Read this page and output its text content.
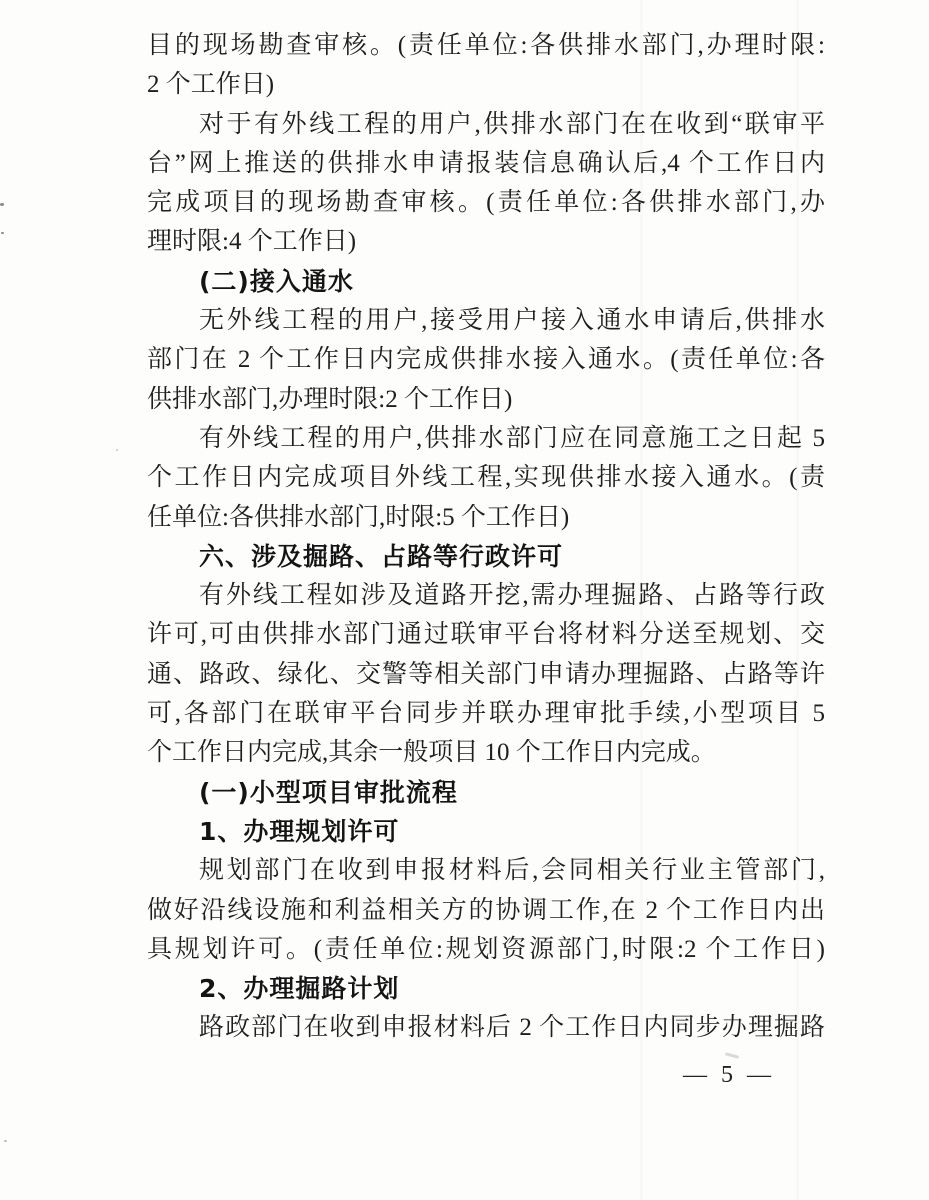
目的现场勘查审核。(责任单位:各供排水部门,办理时限:
2 个工作日)
对于有外线工程的用户,供排水部门在在收到“联审平
台”网上推送的供排水申请报装信息确认后,4 个工作日内
完成项目的现场勘查审核。(责任单位:各供排水部门,办
理时限:4 个工作日)
(二)接入通水
无外线工程的用户,接受用户接入通水申请后,供排水
部门在 2 个工作日内完成供排水接入通水。(责任单位:各
供排水部门,办理时限:2 个工作日)
有外线工程的用户,供排水部门应在同意施工之日起 5
个工作日内完成项目外线工程,实现供排水接入通水。(责
任单位:各供排水部门,时限:5 个工作日)
六、涉及掘路、占路等行政许可
有外线工程如涉及道路开挖,需办理掘路、占路等行政
许可,可由供排水部门通过联审平台将材料分送至规划、交
通、路政、绿化、交警等相关部门申请办理掘路、占路等许
可,各部门在联审平台同步并联办理审批手续,小型项目 5
个工作日内完成,其余一般项目 10 个工作日内完成。
(一)小型项目审批流程
1、办理规划许可
规划部门在收到申报材料后,会同相关行业主管部门,
做好沿线设施和利益相关方的协调工作,在 2 个工作日内出
具规划许可。(责任单位:规划资源部门,时限:2 个工作日)
2、办理掘路计划
路政部门在收到申报材料后 2 个工作日内同步办理掘路
— 5 —
